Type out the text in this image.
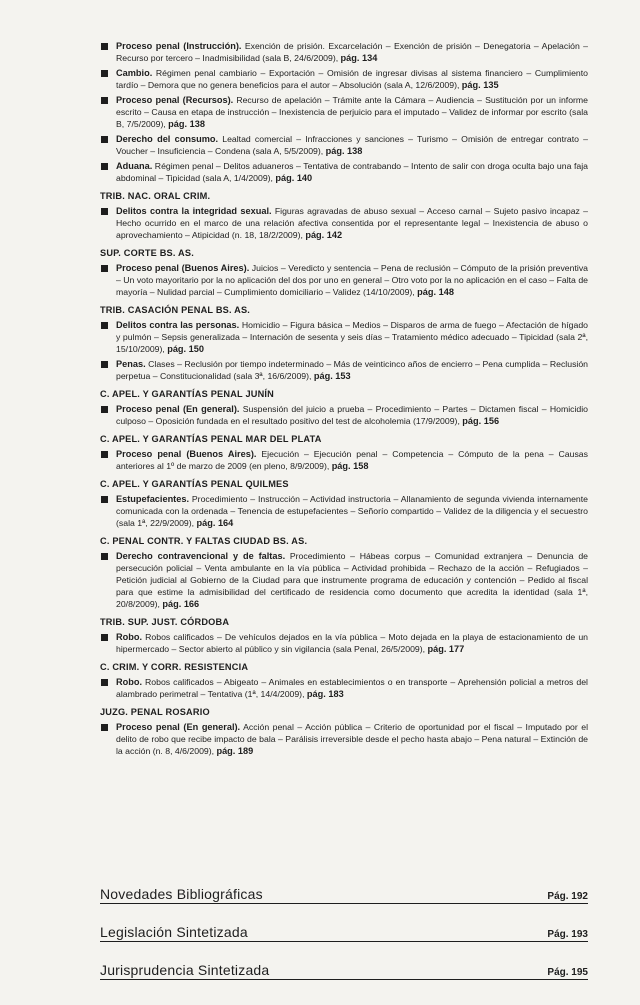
Proceso penal (Instrucción). Exención de prisión. Excarcelación – Exención de prisión – Denegatoria – Apelación – Recurso por tercero – Inadmisibilidad (sala B, 24/6/2009), pág. 134
Cambio. Régimen penal cambiario – Exportación – Omisión de ingresar divisas al sistema financiero – Cumplimiento tardío – Demora que no genera beneficios para el autor – Absolución (sala A, 12/6/2009), pág. 135
Proceso penal (Recursos). Recurso de apelación – Trámite ante la Cámara – Audiencia – Sustitución por un informe escrito – Causa en etapa de instrucción – Inexistencia de perjuicio para el imputado – Validez de informar por escrito (sala B, 7/5/2009), pág. 138
Derecho del consumo. Lealtad comercial – Infracciones y sanciones – Turismo – Omisión de entregar contrato – Voucher – Insuficiencia – Condena (sala A, 5/5/2009), pág. 138
Aduana. Régimen penal – Delitos aduaneros – Tentativa de contrabando – Intento de salir con droga oculta bajo una faja abdominal – Tipicidad (sala A, 1/4/2009), pág. 140
TRIB. NAC. ORAL CRIM.
Delitos contra la integridad sexual. Figuras agravadas de abuso sexual – Acceso carnal – Sujeto pasivo incapaz – Hecho ocurrido en el marco de una relación afectiva consentida por el representante legal – Inexistencia de abuso o aprovechamiento – Atipicidad (n. 18, 18/2/2009), pág. 142
SUP. CORTE BS. AS.
Proceso penal (Buenos Aires). Juicios – Veredicto y sentencia – Pena de reclusión – Cómputo de la prisión preventiva – Un voto mayoritario por la no aplicación del dos por uno en general – Otro voto por la no aplicación en el caso – Falta de mayoría – Nulidad parcial – Cumplimiento domiciliario – Validez (14/10/2009), pág. 148
TRIB. CASACIÓN PENAL BS. AS.
Delitos contra las personas. Homicidio – Figura básica – Medios – Disparos de arma de fuego – Afectación de hígado y pulmón – Sepsis generalizada – Internación de sesenta y seis días – Tratamiento médico adecuado – Tipicidad (sala 2ª, 15/10/2009), pág. 150
Penas. Clases – Reclusión por tiempo indeterminado – Más de veinticinco años de encierro – Pena cumplida – Reclusión perpetua – Constitucionalidad (sala 3ª, 16/6/2009), pág. 153
C. APEL. Y GARANTÍAS PENAL JUNÍN
Proceso penal (En general). Suspensión del juicio a prueba – Procedimiento – Partes – Dictamen fiscal – Homicidio culposo – Oposición fundada en el resultado positivo del test de alcoholemia (17/9/2009), pág. 156
C. APEL. Y GARANTÍAS PENAL MAR DEL PLATA
Proceso penal (Buenos Aires). Ejecución – Ejecución penal – Competencia – Cómputo de la pena – Causas anteriores al 1º de marzo de 2009 (en pleno, 8/9/2009), pág. 158
C. APEL. Y GARANTÍAS PENAL QUILMES
Estupefacientes. Procedimiento – Instrucción – Actividad instructoria – Allanamiento de segunda vivienda internamente comunicada con la ordenada – Tenencia de estupefacientes – Señorío compartido – Validez de la diligencia y el secuestro (sala 1ª, 22/9/2009), pág. 164
C. PENAL CONTR. Y FALTAS CIUDAD BS. AS.
Derecho contravencional y de faltas. Procedimiento – Hábeas corpus – Comunidad extranjera – Denuncia de persecución policial – Venta ambulante en la vía pública – Actividad prohibida – Rechazo de la acción – Refugiados – Petición judicial al Gobierno de la Ciudad para que instrumente programa de educación y contención – Pedido al fiscal para que estime la admisibilidad del certificado de residencia como documento que acredita la identidad (sala 1ª, 20/8/2009), pág. 166
TRIB. SUP. JUST. CÓRDOBA
Robo. Robos calificados – De vehículos dejados en la vía pública – Moto dejada en la playa de estacionamiento de un hipermercado – Sector abierto al público y sin vigilancia (sala Penal, 26/5/2009), pág. 177
C. CRIM. Y CORR. RESISTENCIA
Robo. Robos calificados – Abigeato – Animales en establecimientos o en transporte – Aprehensión policial a metros del alambrado perimetral – Tentativa (1ª, 14/4/2009), pág. 183
JUZG. PENAL ROSARIO
Proceso penal (En general). Acción penal – Acción pública – Criterio de oportunidad por el fiscal – Imputado por el delito de robo que recibe impacto de bala – Parálisis irreversible desde el pecho hasta abajo – Pena natural – Extinción de la acción (n. 8, 4/6/2009), pág. 189
Novedades Bibliográficas	Pág. 192
Legislación Sintetizada	Pág. 193
Jurisprudencia Sintetizada	Pág. 195
